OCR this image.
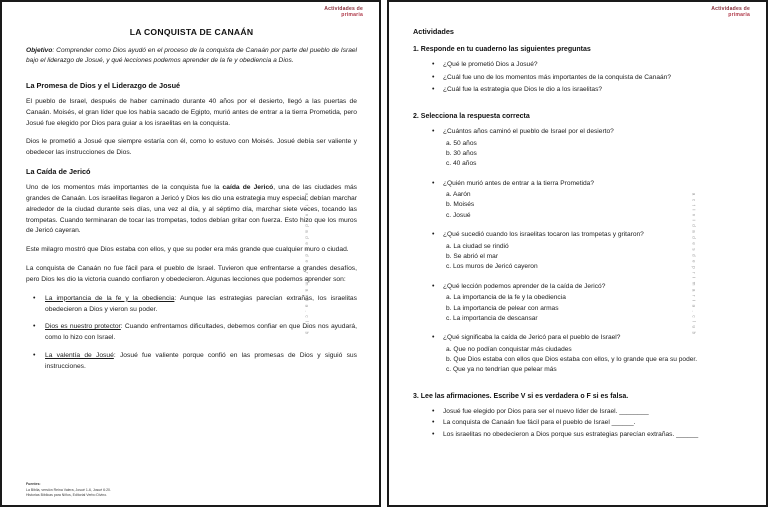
Actividades de
primaria
a c t i v i d a d e s d e p r i m a r i a . c l u b
LA CONQUISTA DE CANAÁN

Objetivo: Comprender como Dios ayudó en el proceso de la conquista de Canaán por parte del pueblo de Israel bajo el liderazgo de Josué, y qué lecciones podemos aprender de la fe y obediencia a Dios.

La Promesa de Dios y el Liderazgo de Josué

El pueblo de Israel, después de haber caminado durante 40 años por el desierto, llegó a las puertas de Canaán. Moisés, el gran líder que los había sacado de Egipto, murió antes de entrar a la tierra Prometida, pero Josué fue elegido por Dios para guiar a los israelitas en la conquista.

Dios le prometió a Josué que siempre estaría con él, como lo estuvo con Moisés. Josué debía ser valiente y obedecer las instrucciones de Dios.

La Caída de Jericó

Uno de los momentos más importantes de la conquista fue la caída de Jericó, una de las ciudades más grandes de Canaán. Los israelitas llegaron a Jericó y Dios les dio una estrategia muy especial: debían marchar alrededor de la ciudad durante seis días, una vez al día, y al séptimo día, marchar siete veces, tocando las trompetas. Cuando terminaran de tocar las trompetas, todos debían gritar con fuerza. Esto hizo que los muros de Jericó cayeran.

Este milagro mostró que Dios estaba con ellos, y que su poder era más grande que cualquier muro o ciudad.

La conquista de Canaán no fue fácil para el pueblo de Israel. Tuvieron que enfrentarse a grandes desafíos, pero Dios les dio la victoria cuando confiaron y obedecieron. Algunas lecciones que podemos aprender son:

• La importancia de la fe y la obediencia: Aunque las estrategias parecían extrañas, los israelitas obedecieron a Dios y vieron su poder.
• Dios es nuestro protector: Cuando enfrentamos dificultades, debemos confiar en que Dios nos ayudará, como lo hizo con Israel.
• La valentía de Josué: Josué fue valiente porque confió en las promesas de Dios y siguió sus instrucciones.
Fuentes:
La Biblia, versión Reina Valera, Josué 1-6, Josué 6:20.
Historias Bíblicas para Niños, Editorial Verbo Divino.
Actividades de
primaria
a c t i v i d a d e s d e p r i m a r i a . c l u b
Actividades
1. Responde en tu cuaderno las siguientes preguntas
• ¿Qué le prometió Dios a Josué?
• ¿Cuál fue uno de los momentos más importantes de la conquista de Canaán?
• ¿Cuál fue la estrategia que Dios le dio a los israelitas?
2. Selecciona la respuesta correcta
• ¿Cuántos años caminó el pueblo de Israel por el desierto?
a. 50 años
b. 30 años
c. 40 años
• ¿Quién murió antes de entrar a la tierra Prometida?
a. Aarón
b. Moisés
c. Josué
• ¿Qué sucedió cuando los israelitas tocaron las trompetas y gritaron?
a. La ciudad se rindió
b. Se abrió el mar
c. Los muros de Jericó cayeron
• ¿Qué lección podemos aprender de la caída de Jericó?
a. La importancia de la fe y la obediencia
b. La importancia de pelear con armas
c. La importancia de descansar
• ¿Qué significaba la caída de Jericó para el pueblo de Israel?
a. Que no podían conquistar más ciudades
b. Que Dios estaba con ellos que Dios estaba con ellos, y lo grande que era su poder.
c. Que ya no tendrían que pelear más
3. Lee las afirmaciones. Escribe V si es verdadera o F si es falsa.
• Josué fue elegido por Dios para ser el nuevo líder de Israel. ________
• La conquista de Canaán fue fácil para el pueblo de Israel ______.
• Los israelitas no obedecieron a Dios porque sus estrategias parecían extrañas. ______
